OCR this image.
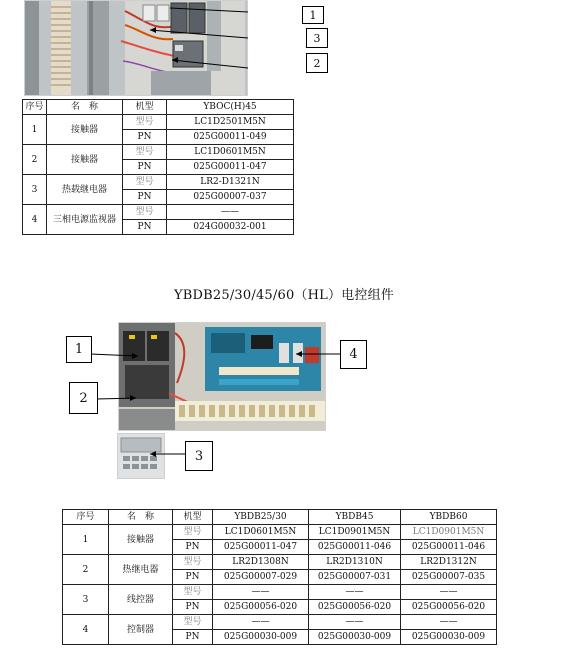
1
3
2
序号	名　称	机型	YBOC(H)45
1	接触器	型号	LC1D2501M5N
		PN	025G00011-049
2	接触器	型号	LC1D0601M5N
		PN	025G00011-047
3	热载继电器	型号	LR2-D1321N
		PN	025G00007-037
4	三相电源监视器	型号	——
		PN	024G00032-001
YBDB25/30/45/60（HL）电控组件
1
2
3
4
序号	名　称	机型	YBDB25/30	YBDB45	YBDB60
1	接触器	型号	LC1D0601M5N	LC1D0901M5N	LC1D0901M5N
		PN	025G00011-047	025G00011-046	025G00011-046
2	热继电器	型号	LR2D1308N	LR2D1310N	LR2D1312N
		PN	025G00007-029	025G00007-031	025G00007-035
3	线控器	型号	——	——	——
		PN	025G00056-020	025G00056-020	025G00056-020
4	控制器	型号	——	——	——
		PN	025G00030-009	025G00030-009	025G00030-009
